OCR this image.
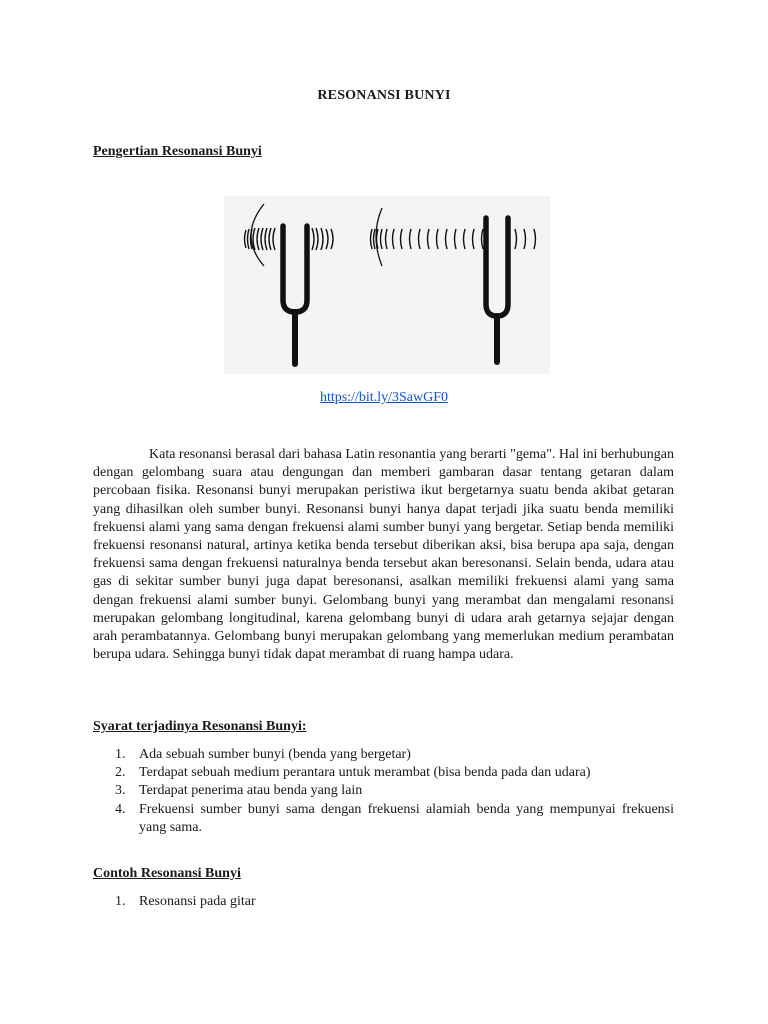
RESONANSI BUNYI
Pengertian Resonansi Bunyi
https://bit.ly/3SawGF0

Kata resonansi berasal dari bahasa Latin resonantia yang berarti "gema". Hal ini berhubungan dengan gelombang suara atau dengungan dan memberi gambaran dasar tentang getaran dalam percobaan fisika. Resonansi bunyi merupakan peristiwa ikut bergetarnya suatu benda akibat getaran yang dihasilkan oleh sumber bunyi. Resonansi bunyi hanya dapat terjadi jika suatu benda memiliki frekuensi alami yang sama dengan frekuensi alami sumber bunyi yang bergetar. Setiap benda memiliki frekuensi resonansi natural, artinya ketika benda tersebut diberikan aksi, bisa berupa apa saja, dengan frekuensi sama dengan frekuensi naturalnya benda tersebut akan beresonansi. Selain benda, udara atau gas di sekitar sumber bunyi juga dapat beresonansi, asalkan memiliki frekuensi alami yang sama dengan frekuensi alami sumber bunyi. Gelombang bunyi yang merambat dan mengalami resonansi merupakan gelombang longitudinal, karena gelombang bunyi di udara arah getarnya sejajar dengan arah perambatannya. Gelombang bunyi merupakan gelombang yang memerlukan medium perambatan berupa udara. Sehingga bunyi tidak dapat merambat di ruang hampa udara.

Syarat terjadinya Resonansi Bunyi:
1. Ada sebuah sumber bunyi (benda yang bergetar)
2. Terdapat sebuah medium perantara untuk merambat (bisa benda pada dan udara)
3. Terdapat penerima atau benda yang lain
4. Frekuensi sumber bunyi sama dengan frekuensi alamiah benda yang mempunyai frekuensi yang sama.
Contoh Resonansi Bunyi
1. Resonansi pada gitar
